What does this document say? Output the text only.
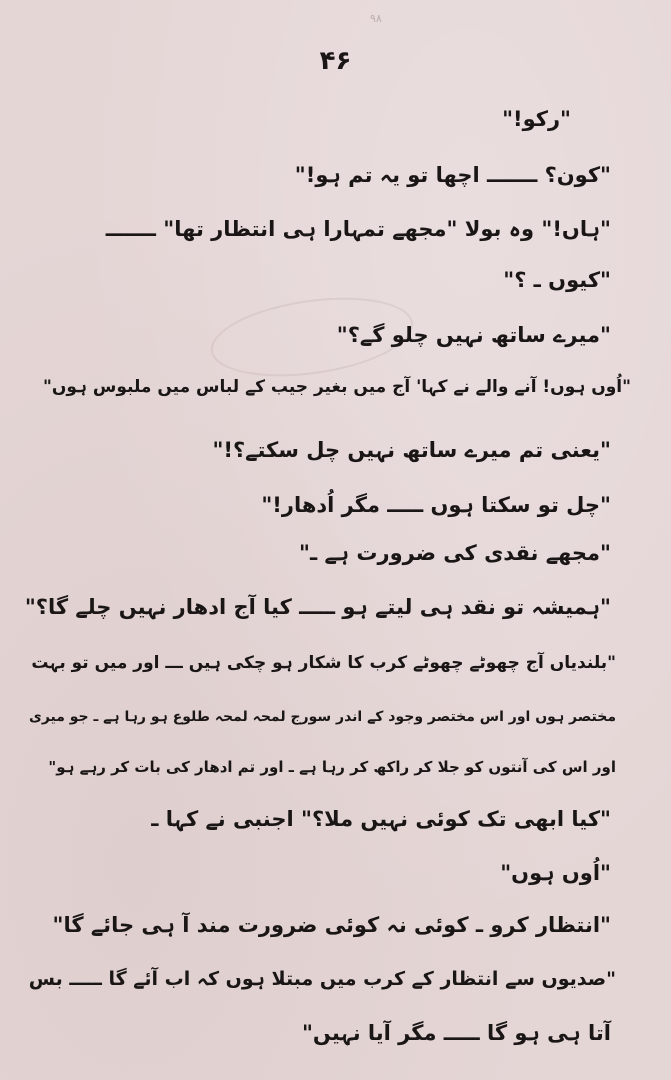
۹۸
۴۶
"رکو!"
"کون؟ ـــــــ اچھا تو یہ تم ہو!"
"ہاں!" وہ بولا "مجھے تمہارا ہی انتظار تھا" ـــــــ
"کیوں ـ ؟"
"میرے ساتھ نہیں چلو گے؟"
"اُوں ہوں! آنے والے نے کہا' آج میں بغیر جیب کے لباس میں ملبوس ہوں"
"یعنی تم میرے ساتھ نہیں چل سکتے؟!"
"چل تو سکتا ہوں ـــــ مگر اُدھار!"
"مجھے نقدی کی ضرورت ہے ـ"
"ہمیشہ تو نقد ہی لیتے ہو ـــــ کیا آج ادھار نہیں چلے گا؟"
"بلندیاں آج چھوٹے چھوٹے کرب کا شکار ہو چکی ہیں ـــ اور میں تو بہت
مختصر ہوں اور اس مختصر وجود کے اندر سورج لمحہ لمحہ طلوع ہو رہا ہے ـ جو میری
اور اس کی آنتوں کو جلا کر راکھ کر رہا ہے ـ اور تم ادھار کی بات کر رہے ہو"
"کیا ابھی تک کوئی نہیں ملا؟" اجنبی نے کہا ـ
"اُوں ہوں"
"انتظار کرو ـ کوئی نہ کوئی ضرورت مند آ ہی جائے گا"
"صدیوں سے انتظار کے کرب میں مبتلا ہوں کہ اب آئے گا ـــــ بس
آتا ہی ہو گا ـــــ مگر آیا نہیں"
